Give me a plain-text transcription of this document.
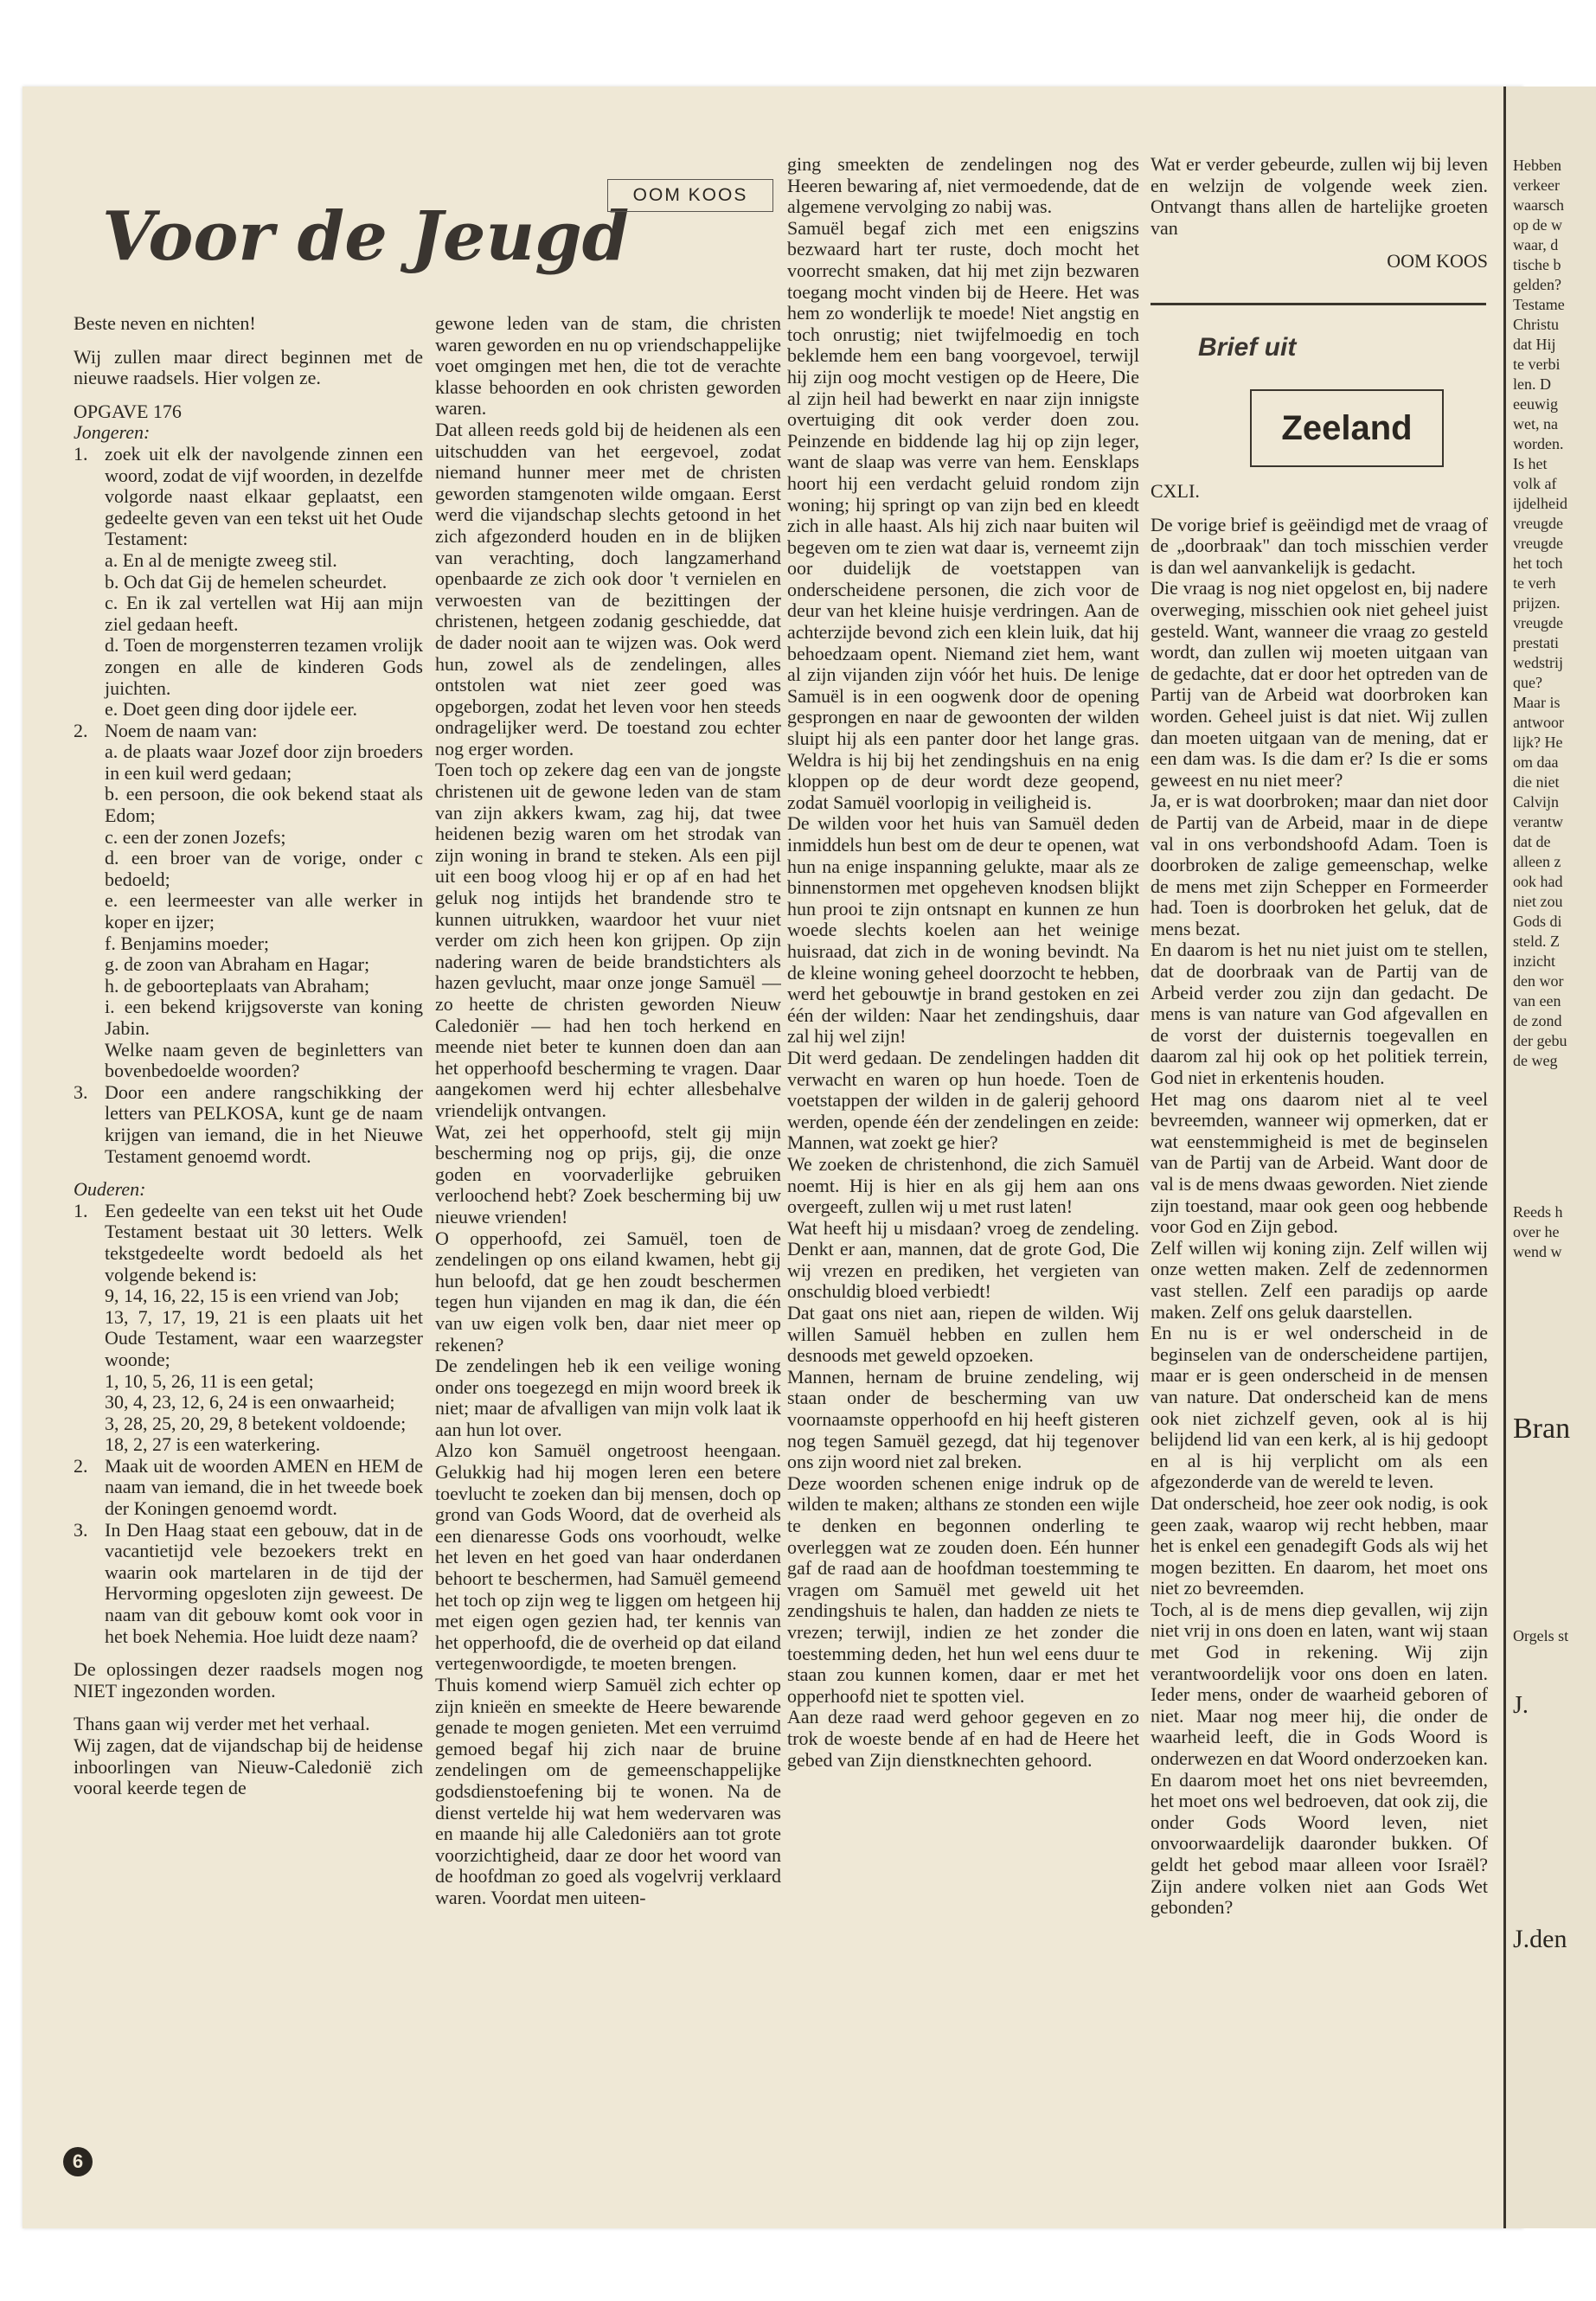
Hebben
verkeer
waarsch
op de w
waar, d
tische b
gelden?
Testame
Christu
dat Hij
te verbi
len. D
eeuwig
wet, na
worden.
Is het
volk af
ijdelheid
vreugde
vreugde
het toch
te verh
prijzen.
vreugde
prestati
wedstrij
que?
Maar is
antwoor
lijk? He
om daa
die niet
Calvijn
verantw
dat de
alleen z
ook had
niet zou
Gods di
steld. Z
inzicht
den wor
van een
de zond
der gebu
de weg
Reeds h
over he
wend w
Bran
Orgels st
J.
J.den
Voor de Jeugd
OOM KOOS

Beste neven en nichten!

Wij zullen maar direct beginnen met de nieuwe raadsels. Hier volgen ze.

OPGAVE 176

Jongeren:

1. zoek uit elk der navolgende zinnen een woord, zodat de vijf woorden, in dezelfde volgorde naast elkaar geplaatst, een gedeelte geven van een tekst uit het Oude Testament:

a. En al de menigte zweeg stil.

b. Och dat Gij de hemelen scheurdet.

c. En ik zal vertellen wat Hij aan mijn ziel gedaan heeft.

d. Toen de morgensterren tezamen vrolijk zongen en alle de kinderen Gods juichten.

e. Doet geen ding door ijdele eer.

2. Noem de naam van:

a. de plaats waar Jozef door zijn broeders in een kuil werd gedaan;

b. een persoon, die ook bekend staat als Edom;

c. een der zonen Jozefs;

d. een broer van de vorige, onder c bedoeld;

e. een leermeester van alle werker in koper en ijzer;

f. Benjamins moeder;

g. de zoon van Abraham en Hagar;

h. de geboorteplaats van Abraham;

i. een bekend krijgsoverste van koning Jabin.

Welke naam geven de beginletters van bovenbedoelde woorden?

3. Door een andere rangschikking der letters van PELKOSA, kunt ge de naam krijgen van iemand, die in het Nieuwe Testament genoemd wordt.

Ouderen:

1. Een gedeelte van een tekst uit het Oude Testament bestaat uit 30 letters. Welk tekstgedeelte wordt bedoeld als het volgende bekend is:

9, 14, 16, 22, 15 is een vriend van Job;

13, 7, 17, 19, 21 is een plaats uit het Oude Testament, waar een waarzegster woonde;

1, 10, 5, 26, 11 is een getal;

30, 4, 23, 12, 6, 24 is een onwaarheid;

3, 28, 25, 20, 29, 8 betekent voldoende;

18, 2, 27 is een waterkering.

2. Maak uit de woorden AMEN en HEM de naam van iemand, die in het tweede boek der Koningen genoemd wordt.
3. In Den Haag staat een gebouw, dat in de vacantietijd vele bezoekers trekt en waarin ook martelaren in de tijd der Hervorming opgesloten zijn geweest. De naam van dit gebouw komt ook voor in het boek Nehemia. Hoe luidt deze naam?

De oplossingen dezer raadsels mogen nog NIET ingezonden worden.

Thans gaan wij verder met het verhaal.

Wij zagen, dat de vijandschap bij de heidense inboorlingen van Nieuw-Caledonië zich vooral keerde tegen de

gewone leden van de stam, die christen waren geworden en nu op vriendschappelijke voet omgingen met hen, die tot de verachte klasse behoorden en ook christen geworden waren.

Dat alleen reeds gold bij de heidenen als een uitschudden van het eergevoel, zodat niemand hunner meer met de christen geworden stamgenoten wilde omgaan. Eerst werd die vijandschap slechts getoond in het zich afgezonderd houden en in de blijken van verachting, doch langzamerhand openbaarde ze zich ook door 't vernielen en verwoesten van de bezittingen der christenen, hetgeen zodanig geschiedde, dat de dader nooit aan te wijzen was. Ook werd hun, zowel als de zendelingen, alles ontstolen wat niet zeer goed was opgeborgen, zodat het leven voor hen steeds ondragelijker werd. De toestand zou echter nog erger worden.

Toen toch op zekere dag een van de jongste christenen uit de gewone leden van de stam van zijn akkers kwam, zag hij, dat twee heidenen bezig waren om het strodak van zijn woning in brand te steken. Als een pijl uit een boog vloog hij er op af en had het geluk nog intijds het brandende stro te kunnen uitrukken, waardoor het vuur niet verder om zich heen kon grijpen. Op zijn nadering waren de beide brandstichters als hazen gevlucht, maar onze jonge Samuël — zo heette de christen geworden Nieuw Caledoniër — had hen toch herkend en meende niet beter te kunnen doen dan aan het opperhoofd bescherming te vragen. Daar aangekomen werd hij echter allesbehalve vriendelijk ontvangen.

Wat, zei het opperhoofd, stelt gij mijn bescherming nog op prijs, gij, die onze goden en voorvaderlijke gebruiken verloochend hebt? Zoek bescherming bij uw nieuwe vrienden!

O opperhoofd, zei Samuël, toen de zendelingen op ons eiland kwamen, hebt gij hun beloofd, dat ge hen zoudt beschermen tegen hun vijanden en mag ik dan, die één van uw eigen volk ben, daar niet meer op rekenen?

De zendelingen heb ik een veilige woning onder ons toegezegd en mijn woord breek ik niet; maar de afvalligen van mijn volk laat ik aan hun lot over.

Alzo kon Samuël ongetroost heengaan. Gelukkig had hij mogen leren een betere toevlucht te zoeken dan bij mensen, doch op grond van Gods Woord, dat de overheid als een dienaresse Gods ons voorhoudt, welke het leven en het goed van haar onderdanen behoort te beschermen, had Samuël gemeend het toch op zijn weg te liggen om hetgeen hij met eigen ogen gezien had, ter kennis van het opperhoofd, die de overheid op dat eiland vertegenwoordigde, te moeten brengen.

Thuis komend wierp Samuël zich echter op zijn knieën en smeekte de Heere bewarende genade te mogen genieten. Met een verruimd gemoed begaf hij zich naar de bruine zendelingen om de gemeenschappelijke godsdienstoefening bij te wonen. Na de dienst vertelde hij wat hem wedervaren was en maande hij alle Caledoniërs aan tot grote voorzichtigheid, daar ze door het woord van de hoofdman zo goed als vogelvrij verklaard waren. Voordat men uiteen-

ging smeekten de zendelingen nog des Heeren bewaring af, niet vermoedende, dat de algemene vervolging zo nabij was.

Samuël begaf zich met een enigszins bezwaard hart ter ruste, doch mocht het voorrecht smaken, dat hij met zijn bezwaren toegang mocht vinden bij de Heere. Het was hem zo wonderlijk te moede! Niet angstig en toch onrustig; niet twijfelmoedig en toch beklemde hem een bang voorgevoel, terwijl hij zijn oog mocht vestigen op de Heere, Die al zijn heil had bewerkt en naar zijn innigste overtuiging dit ook verder doen zou. Peinzende en biddende lag hij op zijn leger, want de slaap was verre van hem. Eensklaps hoort hij een verdacht geluid rondom zijn woning; hij springt op van zijn bed en kleedt zich in alle haast. Als hij zich naar buiten wil begeven om te zien wat daar is, verneemt zijn oor duidelijk de voetstappen van onderscheidene personen, die zich voor de deur van het kleine huisje verdringen. Aan de achterzijde bevond zich een klein luik, dat hij behoedzaam opent. Niemand ziet hem, want al zijn vijanden zijn vóór het huis. De lenige Samuël is in een oogwenk door de opening gesprongen en naar de gewoonten der wilden sluipt hij als een panter door het lange gras. Weldra is hij bij het zendingshuis en na enig kloppen op de deur wordt deze geopend, zodat Samuël voorlopig in veiligheid is.

De wilden voor het huis van Samuël deden inmiddels hun best om de deur te openen, wat hun na enige inspanning gelukte, maar als ze binnenstormen met opgeheven knodsen blijkt hun prooi te zijn ontsnapt en kunnen ze hun woede slechts koelen aan het weinige huisraad, dat zich in de woning bevindt. Na de kleine woning geheel doorzocht te hebben, werd het gebouwtje in brand gestoken en zei één der wilden: Naar het zendingshuis, daar zal hij wel zijn!

Dit werd gedaan. De zendelingen hadden dit verwacht en waren op hun hoede. Toen de voetstappen der wilden in de galerij gehoord werden, opende één der zendelingen en zeide: Mannen, wat zoekt ge hier?

We zoeken de christenhond, die zich Samuël noemt. Hij is hier en als gij hem aan ons overgeeft, zullen wij u met rust laten!

Wat heeft hij u misdaan? vroeg de zendeling. Denkt er aan, mannen, dat de grote God, Die wij vrezen en prediken, het vergieten van onschuldig bloed verbiedt!

Dat gaat ons niet aan, riepen de wilden. Wij willen Samuël hebben en zullen hem desnoods met geweld opzoeken.

Mannen, hernam de bruine zendeling, wij staan onder de bescherming van uw voornaamste opperhoofd en hij heeft gisteren nog tegen Samuël gezegd, dat hij tegenover ons zijn woord niet zal breken.

Deze woorden schenen enige indruk op de wilden te maken; althans ze stonden een wijle te denken en begonnen onderling te overleggen wat ze zouden doen. Eén hunner gaf de raad aan de hoofdman toestemming te vragen om Samuël met geweld uit het zendingshuis te halen, dan hadden ze niets te vrezen; terwijl, indien ze het zonder die toestemming deden, het hun wel eens duur te staan zou kunnen komen, daar er met het opperhoofd niet te spotten viel.

Aan deze raad werd gehoor gegeven en zo trok de woeste bende af en had de Heere het gebed van Zijn dienstknechten gehoord.

Wat er verder gebeurde, zullen wij bij leven en welzijn de volgende week zien. Ontvangt thans allen de hartelijke groeten van

OOM KOOS

Brief uit
Zeeland

CXLI.

De vorige brief is geëindigd met de vraag of de „doorbraak" dan toch misschien verder is dan wel aanvankelijk is gedacht.

Die vraag is nog niet opgelost en, bij nadere overweging, misschien ook niet geheel juist gesteld. Want, wanneer die vraag zo gesteld wordt, dan zullen wij moeten uitgaan van de gedachte, dat er door het optreden van de Partij van de Arbeid wat doorbroken kan worden. Geheel juist is dat niet. Wij zullen dan moeten uitgaan van de mening, dat er een dam was. Is die dam er? Is die er soms geweest en nu niet meer?

Ja, er is wat doorbroken; maar dan niet door de Partij van de Arbeid, maar in de diepe val in ons verbondshoofd Adam. Toen is doorbroken de zalige gemeenschap, welke de mens met zijn Schepper en Formeerder had. Toen is doorbroken het geluk, dat de mens bezat.

En daarom is het nu niet juist om te stellen, dat de doorbraak van de Partij van de Arbeid verder zou zijn dan gedacht. De mens is van nature van God afgevallen en de vorst der duisternis toegevallen en daarom zal hij ook op het politiek terrein, God niet in erkentenis houden.

Het mag ons daarom niet al te veel bevreemden, wanneer wij opmerken, dat er wat eenstemmigheid is met de beginselen van de Partij van de Arbeid. Want door de val is de mens dwaas geworden. Niet ziende zijn toestand, maar ook geen oog hebbende voor God en Zijn gebod.

Zelf willen wij koning zijn. Zelf willen wij onze wetten maken. Zelf de zedennormen vast stellen. Zelf een paradijs op aarde maken. Zelf ons geluk daarstellen.

En nu is er wel onderscheid in de beginselen van de onderscheidene partijen, maar er is geen onderscheid in de mensen van nature. Dat onderscheid kan de mens ook niet zichzelf geven, ook al is hij belijdend lid van een kerk, al is hij gedoopt en al is hij verplicht om als een afgezonderde van de wereld te leven.

Dat onderscheid, hoe zeer ook nodig, is ook geen zaak, waarop wij recht hebben, maar het is enkel een genadegift Gods als wij het mogen bezitten. En daarom, het moet ons niet zo bevreemden.

Toch, al is de mens diep gevallen, wij zijn niet vrij in ons doen en laten, want wij staan met God in rekening. Wij zijn verantwoordelijk voor ons doen en laten. Ieder mens, onder de waarheid geboren of niet. Maar nog meer hij, die onder de waarheid leeft, die in Gods Woord is onderwezen en dat Woord onderzoeken kan.

En daarom moet het ons niet bevreemden, het moet ons wel bedroeven, dat ook zij, die onder Gods Woord leven, niet onvoorwaardelijk daaronder bukken. Of geldt het gebod maar alleen voor Israël? Zijn andere volken niet aan Gods Wet gebonden?

6
